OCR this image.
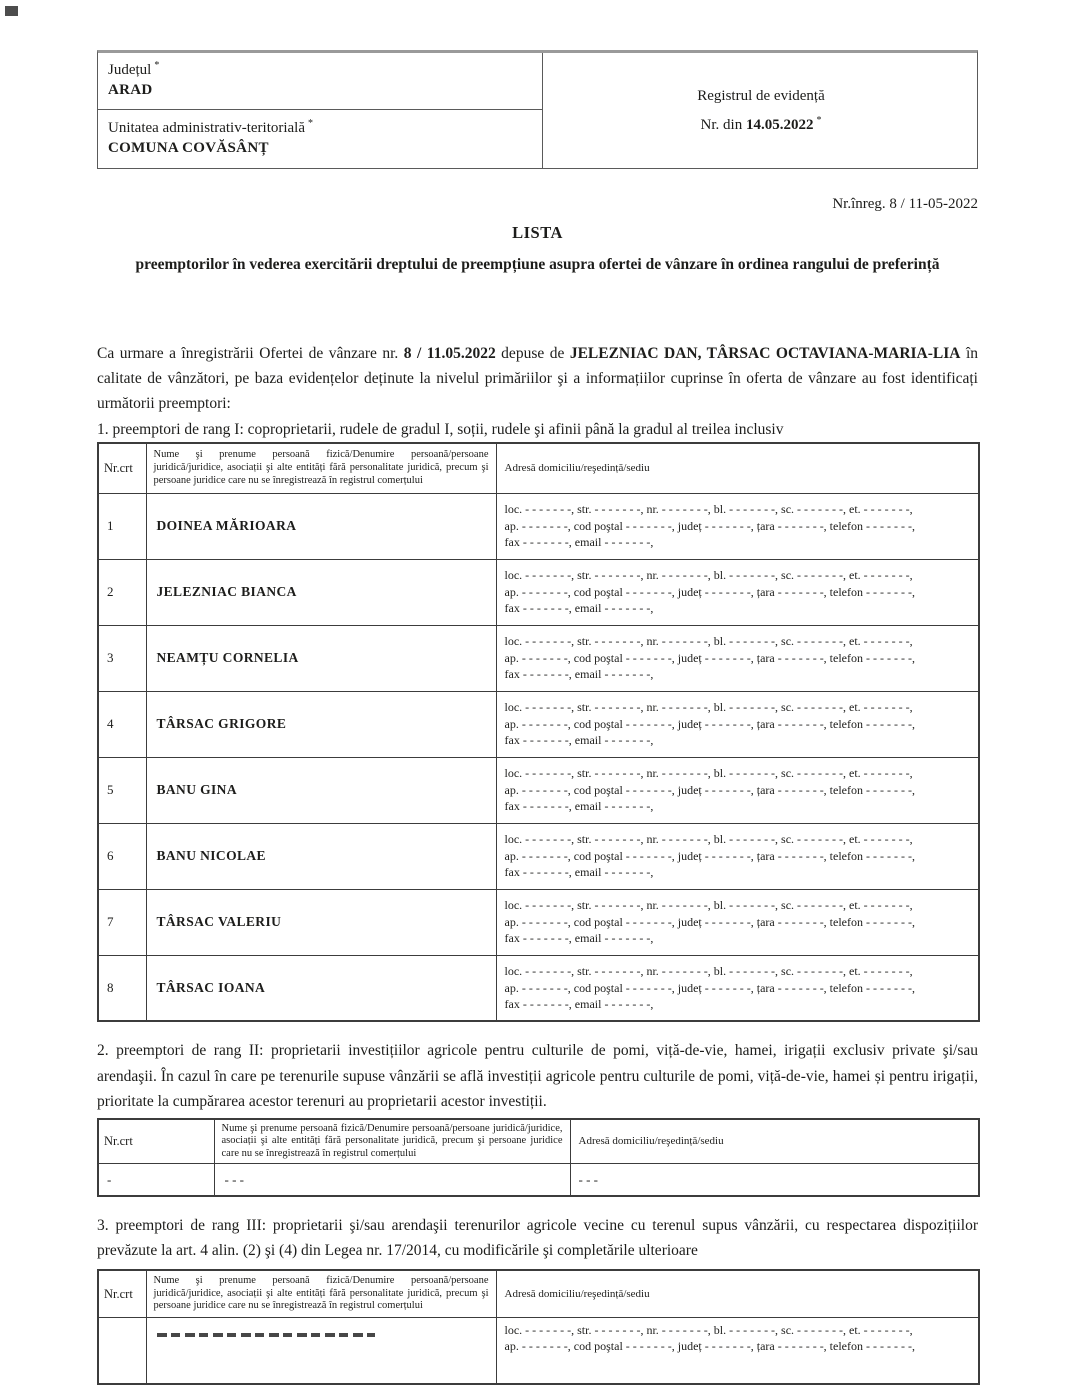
Județul *
ARAD
Unitatea administrativ-teritorială *
COMUNA COVĂSÂNȚ
Registrul de evidență
Nr. din 14.05.2022 *
Nr.înreg. 8 / 11-05-2022
LISTA
preemptorilor în vederea exercitării dreptului de preempțiune asupra ofertei de vânzare în ordinea rangului de preferință

Ca urmare a înregistrării Ofertei de vânzare nr. 8 / 11.05.2022 depuse de JELEZNIAC DAN, TÂRSAC OCTAVIANA-MARIA-LIA în calitate de vânzători, pe baza evidențelor deținute la nivelul primăriilor şi a informațiilor cuprinse în oferta de vânzare au fost identificați următorii preemptori:

1. preemptori de rang I: coproprietarii, rudele de gradul I, soții, rudele şi afinii până la gradul al treilea inclusiv
Nr.crt	Nume şi prenume persoană fizică/Denumire persoană/persoane juridică/juridice, asociații şi alte entități fără personalitate juridică, precum şi persoane juridice care nu se înregistrează în registrul comerțului	Adresă domiciliu/reşedință/sediu
1	DOINEA MĂRIOARA	loc. - - - - - - -, str. - - - - - - -, nr. - - - - - - -, bl. - - - - - - -, sc. - - - - - - -, et. - - - - - - -,
ap. - - - - - - -, cod poştal - - - - - - -, județ - - - - - - -, țara - - - - - - -, telefon - - - - - - -,
fax - - - - - - -, email - - - - - - -,

2	JELEZNIAC BIANCA	loc. - - - - - - -, str. - - - - - - -, nr. - - - - - - -, bl. - - - - - - -, sc. - - - - - - -, et. - - - - - - -,
ap. - - - - - - -, cod poştal - - - - - - -, județ - - - - - - -, țara - - - - - - -, telefon - - - - - - -,
fax - - - - - - -, email - - - - - - -,

3	NEAMȚU CORNELIA	loc. - - - - - - -, str. - - - - - - -, nr. - - - - - - -, bl. - - - - - - -, sc. - - - - - - -, et. - - - - - - -,
ap. - - - - - - -, cod poştal - - - - - - -, județ - - - - - - -, țara - - - - - - -, telefon - - - - - - -,
fax - - - - - - -, email - - - - - - -,

4	TÂRSAC GRIGORE	loc. - - - - - - -, str. - - - - - - -, nr. - - - - - - -, bl. - - - - - - -, sc. - - - - - - -, et. - - - - - - -,
ap. - - - - - - -, cod poştal - - - - - - -, județ - - - - - - -, țara - - - - - - -, telefon - - - - - - -,
fax - - - - - - -, email - - - - - - -,

5	BANU GINA	loc. - - - - - - -, str. - - - - - - -, nr. - - - - - - -, bl. - - - - - - -, sc. - - - - - - -, et. - - - - - - -,
ap. - - - - - - -, cod poştal - - - - - - -, județ - - - - - - -, țara - - - - - - -, telefon - - - - - - -,
fax - - - - - - -, email - - - - - - -,

6	BANU NICOLAE	loc. - - - - - - -, str. - - - - - - -, nr. - - - - - - -, bl. - - - - - - -, sc. - - - - - - -, et. - - - - - - -,
ap. - - - - - - -, cod poştal - - - - - - -, județ - - - - - - -, țara - - - - - - -, telefon - - - - - - -,
fax - - - - - - -, email - - - - - - -,

7	TÂRSAC VALERIU	loc. - - - - - - -, str. - - - - - - -, nr. - - - - - - -, bl. - - - - - - -, sc. - - - - - - -, et. - - - - - - -,
ap. - - - - - - -, cod poştal - - - - - - -, județ - - - - - - -, țara - - - - - - -, telefon - - - - - - -,
fax - - - - - - -, email - - - - - - -,

8	TÂRSAC IOANA	loc. - - - - - - -, str. - - - - - - -, nr. - - - - - - -, bl. - - - - - - -, sc. - - - - - - -, et. - - - - - - -,
ap. - - - - - - -, cod poştal - - - - - - -, județ - - - - - - -, țara - - - - - - -, telefon - - - - - - -,
fax - - - - - - -, email - - - - - - -,

2. preemptori de rang II: proprietarii investițiilor agricole pentru culturile de pomi, viță-de-vie, hamei, irigații exclusiv private şi/sau arendaşii. În cazul în care pe terenurile supuse vânzării se află investiții agricole pentru culturile de pomi, viță-de-vie, hamei și pentru irigații, prioritate la cumpărarea acestor terenuri au proprietarii acestor investiții.

Nr.crt	Nume şi prenume persoană fizică/Denumire persoană/persoane juridică/juridice, asociații şi alte entități fără personalitate juridică, precum şi persoane juridice care nu se înregistrează în registrul comerțului	Adresă domiciliu/reşedință/sediu
-	- - -	- - -

3. preemptori de rang III: proprietarii şi/sau arendaşii terenurilor agricole vecine cu terenul supus vânzării, cu respectarea dispozițiilor prevăzute la art. 4 alin. (2) şi (4) din Legea nr. 17/2014, cu modificările şi completările ulterioare

Nr.crt	Nume şi prenume persoană fizică/Denumire persoană/persoane juridică/juridice, asociații şi alte entități fără personalitate juridică, precum şi persoane juridice care nu se înregistrează în registrul comerțului	Adresă domiciliu/reşedință/sediu

		loc. - - - - - - -, str. - - - - - - -, nr. - - - - - - -, bl. - - - - - - -, sc. - - - - - - -, et. - - - - - - -,
ap. - - - - - - -, cod poştal - - - - - - -, județ - - - - - - -, țara - - - - - - -, telefon - - - - - - -,
